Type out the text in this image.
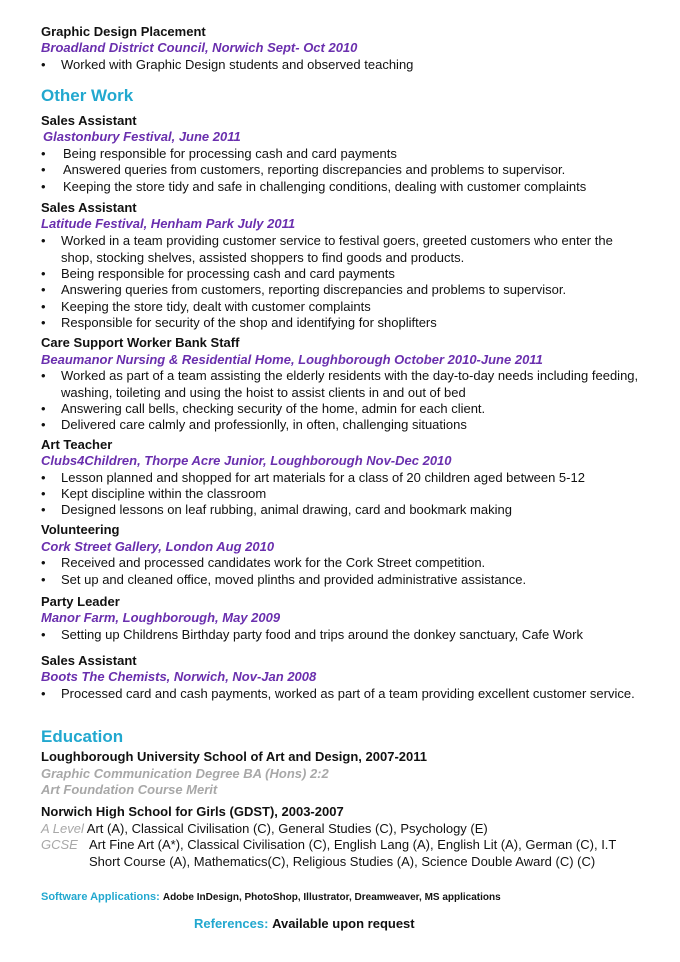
Graphic Design Placement
Broadland District Council, Norwich Sept- Oct 2010
•	Worked with Graphic Design students and observed teaching
Other Work
Sales Assistant
Glastonbury Festival, June 2011
•	Being responsible for processing cash and card payments
•	Answered queries from customers, reporting discrepancies and problems to supervisor.
•	Keeping the store tidy and safe in challenging conditions, dealing with customer complaints
Sales Assistant
Latitude Festival, Henham Park July 2011
•	Worked in a team providing customer service to festival goers, greeted customers who enter the shop, stocking shelves, assisted shoppers to find goods and products.
•	Being responsible for processing cash and card payments
•	Answering queries from customers, reporting discrepancies and problems to supervisor.
•	Keeping the store tidy, dealt with customer complaints
•	Responsible for security of the shop and identifying for shoplifters
Care Support Worker Bank Staff
Beaumanor Nursing & Residential Home, Loughborough October 2010-June 2011
•	Worked as part of a team assisting the elderly residents with the day-to-day needs including feeding, washing, toileting and using the hoist to assist clients in and out of bed
•	Answering call bells, checking security of the home, admin for each client.
•	Delivered care calmly and professionlly, in often, challenging situations
Art Teacher
Clubs4Children, Thorpe Acre Junior, Loughborough Nov-Dec 2010
•	Lesson planned and shopped for art materials for a class of 20 children aged between 5-12
•	Kept discipline within the classroom
•	Designed lessons on leaf rubbing, animal drawing, card and bookmark making
Volunteering
Cork Street Gallery, London Aug 2010
•	Received and processed candidates work for the Cork Street competition.
•	Set up and cleaned office, moved plinths and provided administrative assistance.
Party Leader
Manor Farm, Loughborough, May 2009
•	Setting up Childrens Birthday party food and trips around the donkey sanctuary, Cafe Work
Sales Assistant
Boots The Chemists, Norwich, Nov-Jan 2008
•	Processed card and cash payments, worked as part of a team providing excellent customer service.
Education
Loughborough University School of Art and Design, 2007-2011
Graphic Communication Degree BA (Hons) 2:2
Art Foundation Course Merit
Norwich High School for Girls (GDST), 2003-2007
A Level Art (A), Classical Civilisation (C), General Studies (C), Psychology (E)
GCSE Art Fine Art (A*), Classical Civilisation (C), English Lang (A), English Lit (A), German (C), I.T Short Course (A), Mathematics(C), Religious Studies (A), Science Double Award (C) (C)
Software Applications: Adobe InDesign, PhotoShop, Illustrator, Dreamweaver, MS applications
References: Available upon request
